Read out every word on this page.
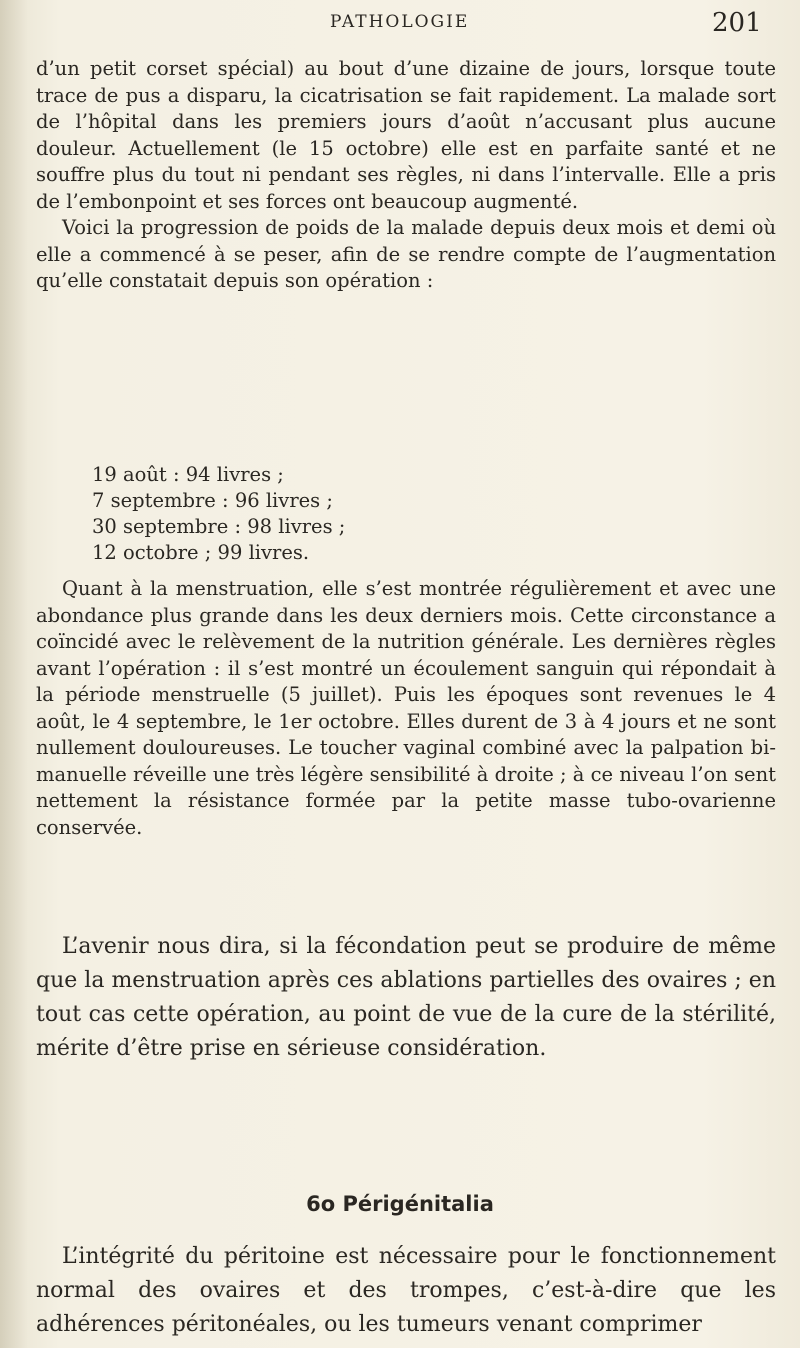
PATHOLOGIE	201

d’un petit corset spécial) au bout d’une dizaine de jours, lorsque toute trace de pus a disparu, la cicatrisation se fait rapidement. La malade sort de l’hôpital dans les premiers jours d’août n’accusant plus aucune douleur. Actuellement (le 15 octobre) elle est en parfaite santé et ne souffre plus du tout ni pendant ses règles, ni dans l’intervalle. Elle a pris de l’embonpoint et ses forces ont beaucoup augmenté.

Voici la progression de poids de la malade depuis deux mois et demi où elle a commencé à se peser, afin de se rendre compte de l’augmentation qu’elle constatait depuis son opération :

19 août : 94 livres ;
7 septembre : 96 livres ;
30 septembre : 98 livres ;
12 octobre ; 99 livres.

Quant à la menstruation, elle s’est montrée régulièrement et avec une abondance plus grande dans les deux derniers mois. Cette circonstance a coïncidé avec le relèvement de la nutrition générale. Les dernières règles avant l’opération : il s’est montré un écoulement sanguin qui répondait à la période menstruelle (5 juillet). Puis les époques sont revenues le 4 août, le 4 septembre, le 1er octobre. Elles durent de 3 à 4 jours et ne sont nullement douloureuses. Le toucher vaginal combiné avec la palpation bi-manuelle réveille une très légère sensibilité à droite ; à ce niveau l’on sent nettement la résistance formée par la petite masse tubo-ovarienne conservée.

L’avenir nous dira, si la fécondation peut se produire de même que la menstruation après ces ablations partielles des ovaires ; en tout cas cette opération, au point de vue de la cure de la stérilité, mérite d’être prise en sérieuse considération.

6o Périgénitalia

L’intégrité du péritoine est nécessaire pour le fonctionnement normal des ovaires et des trompes, c’est-à-dire que les adhérences péritonéales, ou les tumeurs venant comprimer
